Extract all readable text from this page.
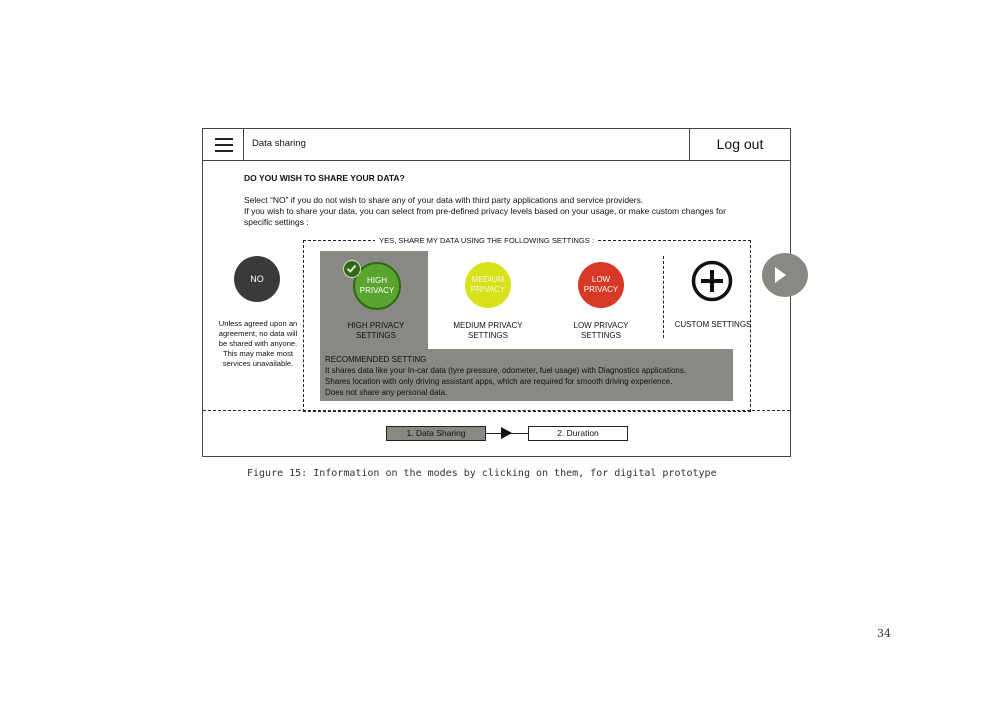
Data sharing	Log out
DO YOU WISH TO SHARE YOUR DATA?
Select “NO” if you do not wish to share any of your data with third party applications and service providers.
If you wish to share your data, you can select from pre-defined privacy levels based on your usage, or make custom changes for specific settings :
NO
Unless agreed upon an agreement, no data will be shared with anyone. This may make most services unavailable.
YES, SHARE MY DATA USING THE FOLLOWING SETTINGS :
HIGH PRIVACY
MEDIUM PRIVACY
LOW PRIVACY
HIGH PRIVACY SETTINGS
MEDIUM PRIVACY SETTINGS
LOW PRIVACY SETTINGS
CUSTOM SETTINGS
RECOMMENDED SETTING
It shares data like your In-car data (tyre pressure, odometer, fuel usage) with Diagnostics applications.
Shares location with only driving assistant apps, which are required for smooth driving experience.
Does not share any personal data.
1. Data Sharing	2. Duration
Figure 15: Information on the modes by clicking on them, for digital prototype
34
